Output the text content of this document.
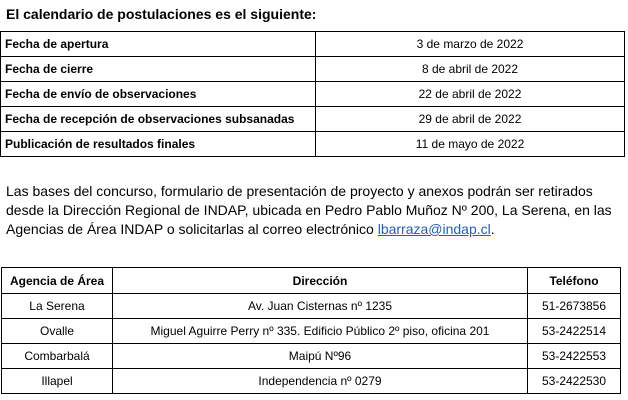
El calendario de postulaciones es el siguiente:
Fecha de apertura	3 de marzo de 2022
Fecha de cierre	8 de abril de 2022
Fecha de envío de observaciones	22 de abril de 2022
Fecha de recepción de observaciones subsanadas	29 de abril de 2022
Publicación de resultados finales	11 de mayo de 2022
Las bases del concurso, formulario de presentación de proyecto y anexos podrán ser retirados desde la Dirección Regional de INDAP, ubicada en Pedro Pablo Muñoz Nº 200, La Serena, en las Agencias de Área INDAP o solicitarlas al correo electrónico lbarraza@indap.cl.
Agencia de Área	Dirección	Teléfono
La Serena	Av. Juan Cisternas nº 1235	51-2673856
Ovalle	Miguel Aguirre Perry nº 335. Edificio Público 2º piso, oficina 201	53-2422514
Combarbalá	Maipú Nº96	53-2422553
Illapel	Independencia nº 0279	53-2422530
